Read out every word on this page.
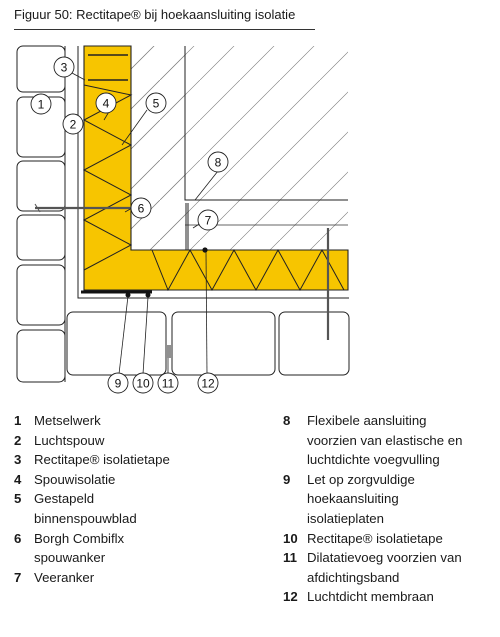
Figuur 50: Rectitape® bij hoekaansluiting isolatie
3
1	4	5
2
8
6
7
9 10 11 12
1 Metselwerk
2 Luchtspouw
3 Rectitape® isolatietape
4 Spouwisolatie
5 Gestapeld
binnenspouwblad
6 Borgh Combiflx
spouwanker
7 Veeranker
8	Flexibele aansluiting
voorzien van elastische en
luchtdichte voegvulling
9	Let op zorgvuldige
hoekaansluiting
isolatieplaten
10 Rectitape® isolatietape
11 Dilatatievoeg voorzien van
afdichtingsband
12 Luchtdicht membraan
